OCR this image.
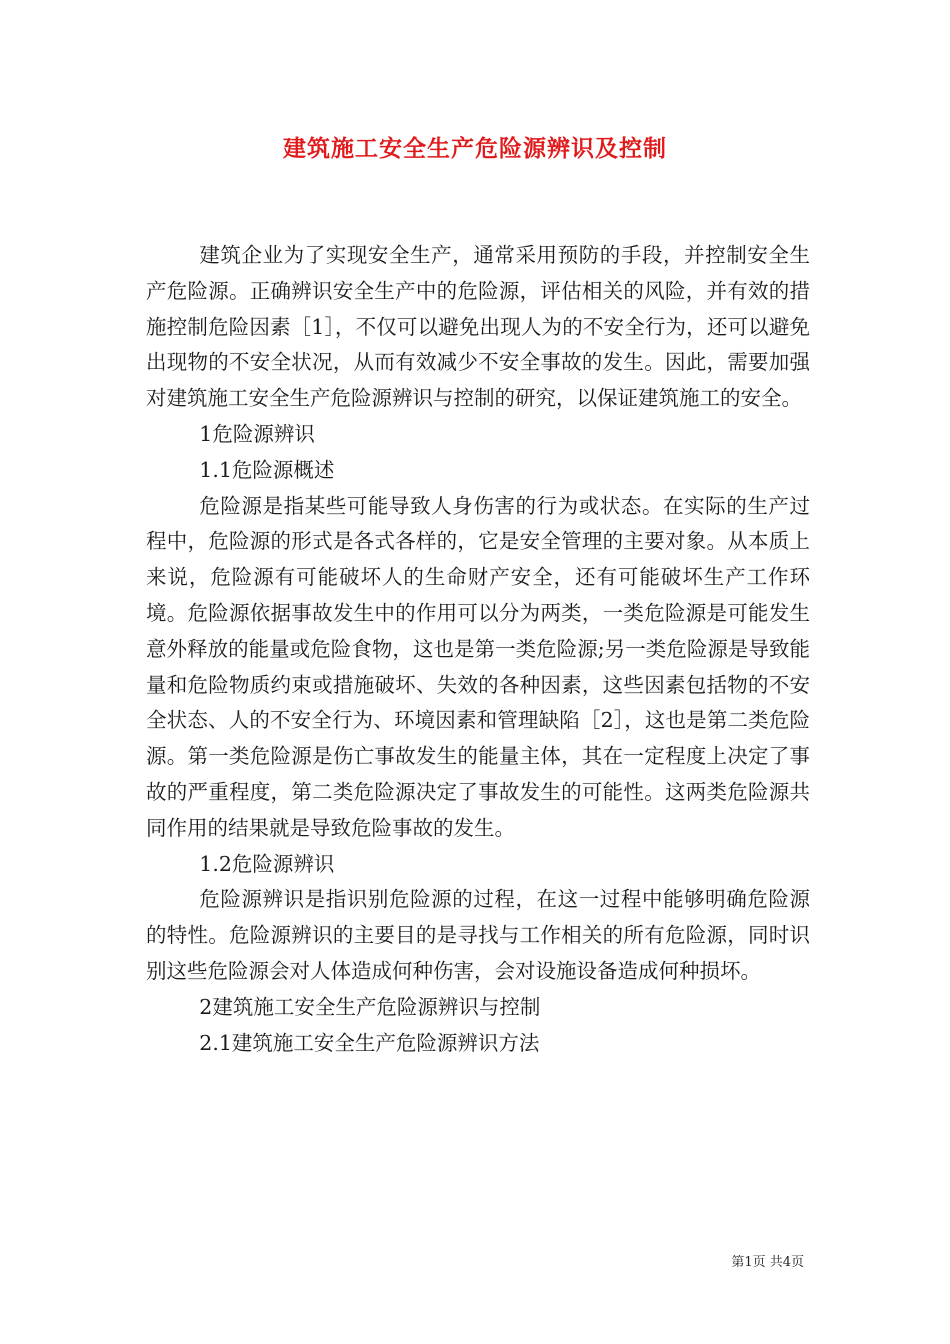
建筑施工安全生产危险源辨识及控制

建筑企业为了实现安全生产，通常采用预防的手段，并控制安全生产危险源。正确辨识安全生产中的危险源，评估相关的风险，并有效的措施控制危险因素［1］，不仅可以避免出现人为的不安全行为，还可以避免出现物的不安全状况，从而有效减少不安全事故的发生。因此，需要加强对建筑施工安全生产危险源辨识与控制的研究，以保证建筑施工的安全。

1危险源辨识

1.1危险源概述

危险源是指某些可能导致人身伤害的行为或状态。在实际的生产过程中，危险源的形式是各式各样的，它是安全管理的主要对象。从本质上来说，危险源有可能破坏人的生命财产安全，还有可能破坏生产工作环境。危险源依据事故发生中的作用可以分为两类，一类危险源是可能发生意外释放的能量或危险食物，这也是第一类危险源;另一类危险源是导致能量和危险物质约束或措施破坏、失效的各种因素，这些因素包括物的不安全状态、人的不安全行为、环境因素和管理缺陷［2］，这也是第二类危险源。第一类危险源是伤亡事故发生的能量主体，其在一定程度上决定了事故的严重程度，第二类危险源决定了事故发生的可能性。这两类危险源共同作用的结果就是导致危险事故的发生。

1.2危险源辨识

危险源辨识是指识别危险源的过程，在这一过程中能够明确危险源的特性。危险源辨识的主要目的是寻找与工作相关的所有危险源，同时识别这些危险源会对人体造成何种伤害，会对设施设备造成何种损坏。

2建筑施工安全生产危险源辨识与控制

2.1建筑施工安全生产危险源辨识方法

第1页 共4页
